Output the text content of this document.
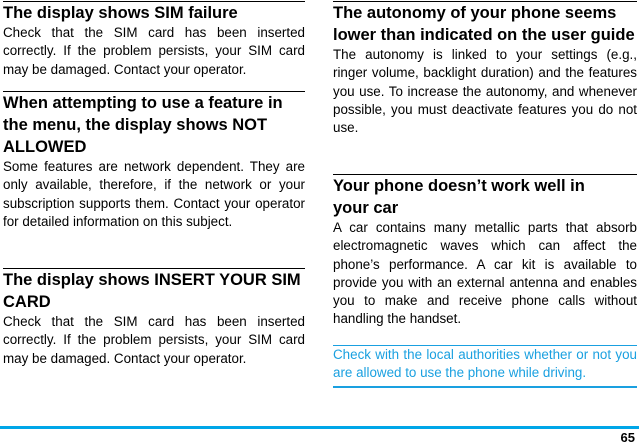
The display shows SIM failure

Check that the SIM card has been inserted correctly. If the problem persists, your SIM card may be damaged. Contact your operator.

When attempting to use a feature in the menu, the display shows NOT ALLOWED

Some features are network dependent. They are only available, therefore, if the network or your subscription supports them. Contact your operator for detailed information on this subject.

The display shows INSERT YOUR SIM CARD

Check that the SIM card has been inserted correctly. If the problem persists, your SIM card may be damaged. Contact your operator.

The autonomy of your phone seems lower than indicated on the user guide

The autonomy is linked to your settings (e.g., ringer volume, backlight duration) and the features you use. To increase the autonomy, and whenever possible, you must deactivate features you do not use.

Your phone doesn’t work well in your car

A car contains many metallic parts that absorb electromagnetic waves which can affect the phone’s performance. A car kit is available to provide you with an external antenna and enables you to make and receive phone calls without handling the handset.

Check with the local authorities whether or not you are allowed to use the phone while driving.

65
